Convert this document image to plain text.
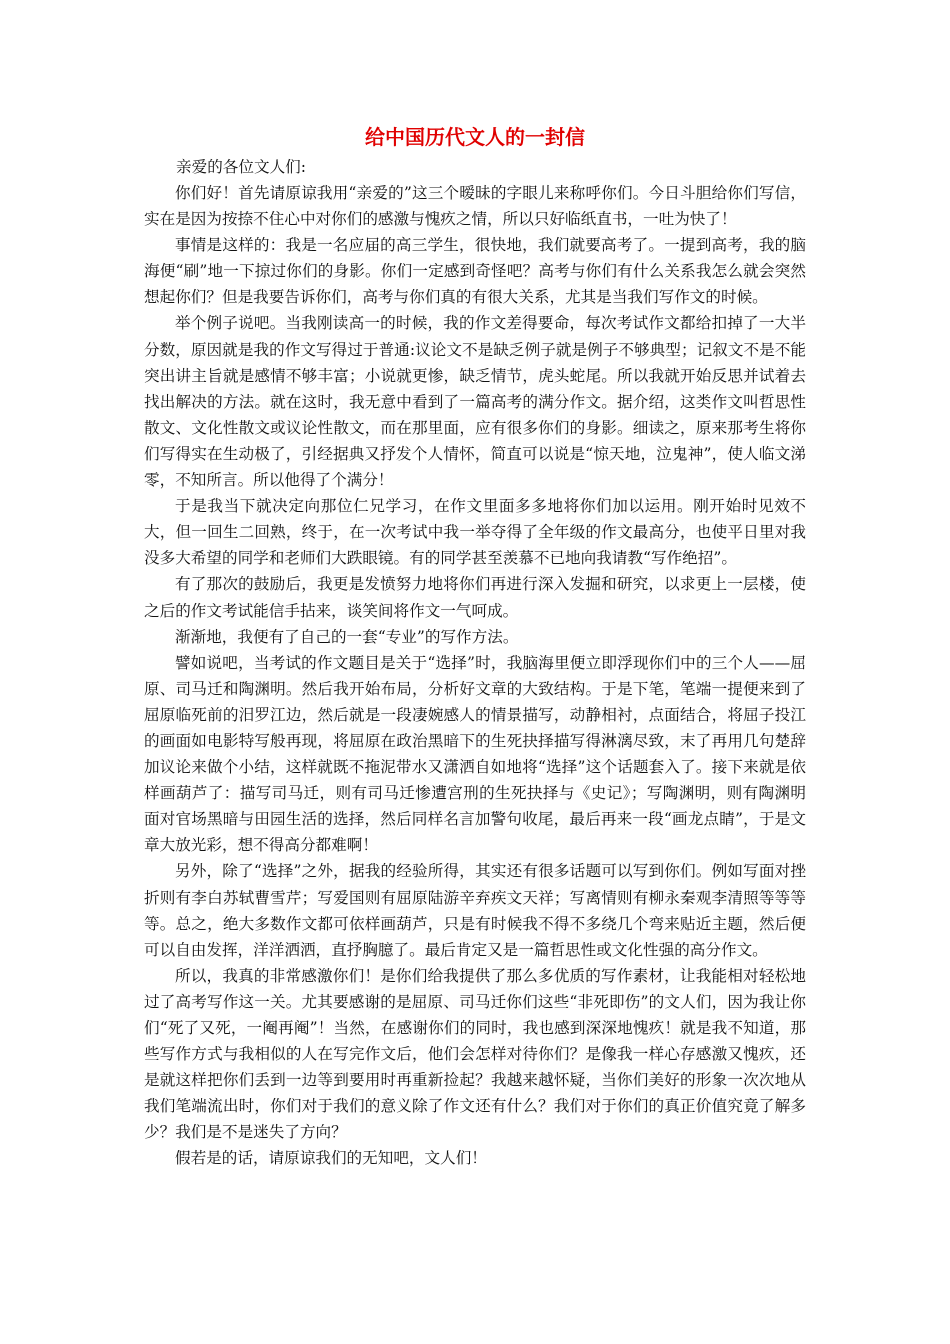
给中国历代文人的一封信

亲爱的各位文人们:

你们好！首先请原谅我用“亲爱的”这三个暧昧的字眼儿来称呼你们。今日斗胆给你们写信，实在是因为按捺不住心中对你们的感激与愧疚之情，所以只好临纸直书，一吐为快了！

事情是这样的：我是一名应届的高三学生，很快地，我们就要高考了。一提到高考，我的脑海便“刷”地一下掠过你们的身影。你们一定感到奇怪吧？高考与你们有什么关系我怎么就会突然想起你们？但是我要告诉你们，高考与你们真的有很大关系，尤其是当我们写作文的时候。

举个例子说吧。当我刚读高一的时候，我的作文差得要命，每次考试作文都给扣掉了一大半分数，原因就是我的作文写得过于普通:议论文不是缺乏例子就是例子不够典型；记叙文不是不能突出讲主旨就是感情不够丰富；小说就更惨，缺乏情节，虎头蛇尾。所以我就开始反思并试着去找出解决的方法。就在这时，我无意中看到了一篇高考的满分作文。据介绍，这类作文叫哲思性散文、文化性散文或议论性散文，而在那里面，应有很多你们的身影。细读之，原来那考生将你们写得实在生动极了，引经据典又抒发个人情怀，简直可以说是“惊天地，泣鬼神”，使人临文涕零，不知所言。所以他得了个满分！

于是我当下就决定向那位仁兄学习，在作文里面多多地将你们加以运用。刚开始时见效不大，但一回生二回熟，终于，在一次考试中我一举夺得了全年级的作文最高分，也使平日里对我没多大希望的同学和老师们大跌眼镜。有的同学甚至羡慕不已地向我请教“写作绝招”。

有了那次的鼓励后，我更是发愤努力地将你们再进行深入发掘和研究，以求更上一层楼，使之后的作文考试能信手拈来，谈笑间将作文一气呵成。

渐渐地，我便有了自己的一套“专业”的写作方法。

譬如说吧，当考试的作文题目是关于“选择”时，我脑海里便立即浮现你们中的三个人——屈原、司马迁和陶渊明。然后我开始布局，分析好文章的大致结构。于是下笔，笔端一提便来到了屈原临死前的汨罗江边，然后就是一段凄婉感人的情景描写，动静相衬，点面结合，将屈子投江的画面如电影特写般再现，将屈原在政治黑暗下的生死抉择描写得淋漓尽致，末了再用几句楚辞加议论来做个小结，这样就既不拖泥带水又潇洒自如地将“选择”这个话题套入了。接下来就是依样画葫芦了：描写司马迁，则有司马迁惨遭宫刑的生死抉择与《史记》；写陶渊明，则有陶渊明面对官场黑暗与田园生活的选择，然后同样名言加警句收尾，最后再来一段“画龙点睛”，于是文章大放光彩，想不得高分都难啊！

另外，除了“选择”之外，据我的经验所得，其实还有很多话题可以写到你们。例如写面对挫折则有李白苏轼曹雪芹；写爱国则有屈原陆游辛弃疾文天祥；写离情则有柳永秦观李清照等等等等。总之，绝大多数作文都可依样画葫芦，只是有时候我不得不多绕几个弯来贴近主题，然后便可以自由发挥，洋洋洒洒，直抒胸臆了。最后肯定又是一篇哲思性或文化性强的高分作文。

所以，我真的非常感激你们！是你们给我提供了那么多优质的写作素材，让我能相对轻松地过了高考写作这一关。尤其要感谢的是屈原、司马迁你们这些“非死即伤”的文人们，因为我让你们“死了又死，一阉再阉”！当然，在感谢你们的同时，我也感到深深地愧疚！就是我不知道，那些写作方式与我相似的人在写完作文后，他们会怎样对待你们？是像我一样心存感激又愧疚，还是就这样把你们丢到一边等到要用时再重新捡起？我越来越怀疑，当你们美好的形象一次次地从我们笔端流出时，你们对于我们的意义除了作文还有什么？我们对于你们的真正价值究竟了解多少？我们是不是迷失了方向？

假若是的话，请原谅我们的无知吧，文人们！
